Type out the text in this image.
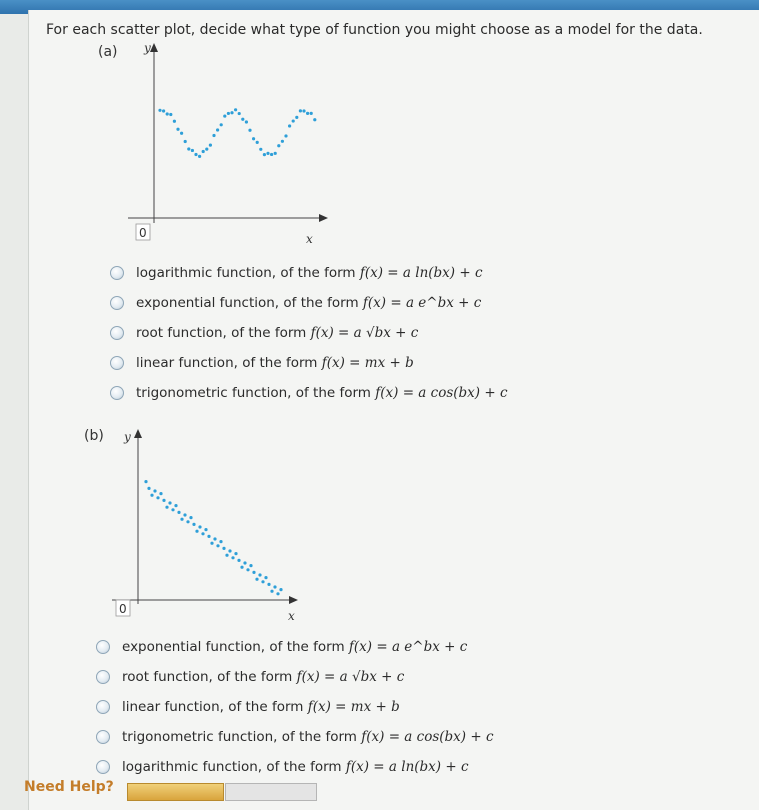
For each scatter plot, decide what type of function you might choose as a model for the data.
(a) y
x
0
logarithmic function, of the form
f(x) = a ln(bx) + c
exponential function, of the form
f(x) = a e^bx + c
root function, of the form
f(x) = a √bx + c
linear function, of the form
f(x) = mx + b
trigonometric function, of the form
f(x) = a cos(bx) + c
(b) y
x
0
exponential function, of the form
f(x) = a e^bx + c
root function, of the form
f(x) = a √bx + c
linear function, of the form
f(x) = mx + b
trigonometric function, of the form
f(x) = a cos(bx) + c
logarithmic function, of the form
f(x) = a ln(bx) + c
Need Help?
